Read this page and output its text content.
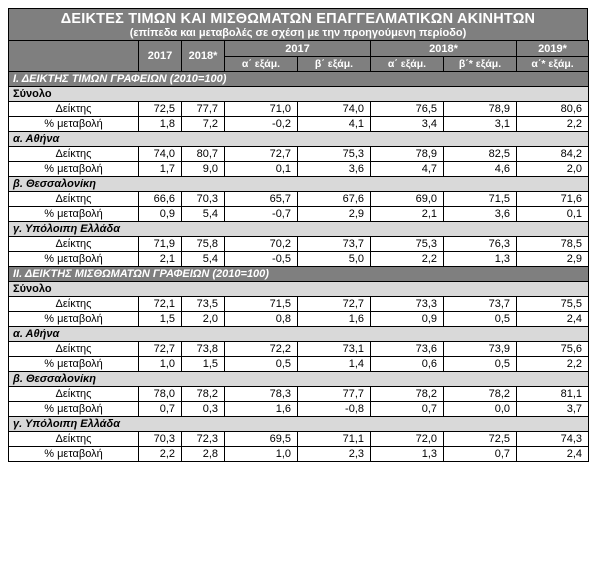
ΔΕΙΚΤΕΣ ΤΙΜΩΝ ΚΑΙ ΜΙΣΘΩΜΑΤΩΝ ΕΠΑΓΓΕΛΜΑΤΙΚΩΝ ΑΚΙΝΗΤΩΝ
(επίπεδα και μεταβολές σε σχέση με την προηγούμενη περίοδο)
	2017	2018*	2017		2018*		2019*
			α΄ εξάμ.	β΄ εξάμ.	α΄ εξάμ.	β΄* εξάμ.	α΄* εξάμ.
Ι. ΔΕΙΚΤΗΣ ΤΙΜΩΝ ΓΡΑΦΕΙΩΝ (2010=100)							
Σύνολο							
Δείκτης	72,5	77,7	71,0	74,0	76,5	78,9	80,6
% μεταβολή	1,8	7,2	-0,2	4,1	3,4	3,1	2,2
α. Αθήνα							
Δείκτης	74,0	80,7	72,7	75,3	78,9	82,5	84,2
% μεταβολή	1,7	9,0	0,1	3,6	4,7	4,6	2,0
β. Θεσσαλονίκη							
Δείκτης	66,6	70,3	65,7	67,6	69,0	71,5	71,6
% μεταβολή	0,9	5,4	-0,7	2,9	2,1	3,6	0,1
γ. Υπόλοιπη Ελλάδα							
Δείκτης	71,9	75,8	70,2	73,7	75,3	76,3	78,5
% μεταβολή	2,1	5,4	-0,5	5,0	2,2	1,3	2,9
ΙΙ. ΔΕΙΚΤΗΣ ΜΙΣΘΩΜΑΤΩΝ ΓΡΑΦΕΙΩΝ (2010=100)							
Σύνολο							
Δείκτης	72,1	73,5	71,5	72,7	73,3	73,7	75,5
% μεταβολή	1,5	2,0	0,8	1,6	0,9	0,5	2,4
α. Αθήνα							
Δείκτης	72,7	73,8	72,2	73,1	73,6	73,9	75,6
% μεταβολή	1,0	1,5	0,5	1,4	0,6	0,5	2,2
β. Θεσσαλονίκη							
Δείκτης	78,0	78,2	78,3	77,7	78,2	78,2	81,1
% μεταβολή	0,7	0,3	1,6	-0,8	0,7	0,0	3,7
γ. Υπόλοιπη Ελλάδα							
Δείκτης	70,3	72,3	69,5	71,1	72,0	72,5	74,3
% μεταβολή	2,2	2,8	1,0	2,3	1,3	0,7	2,4
